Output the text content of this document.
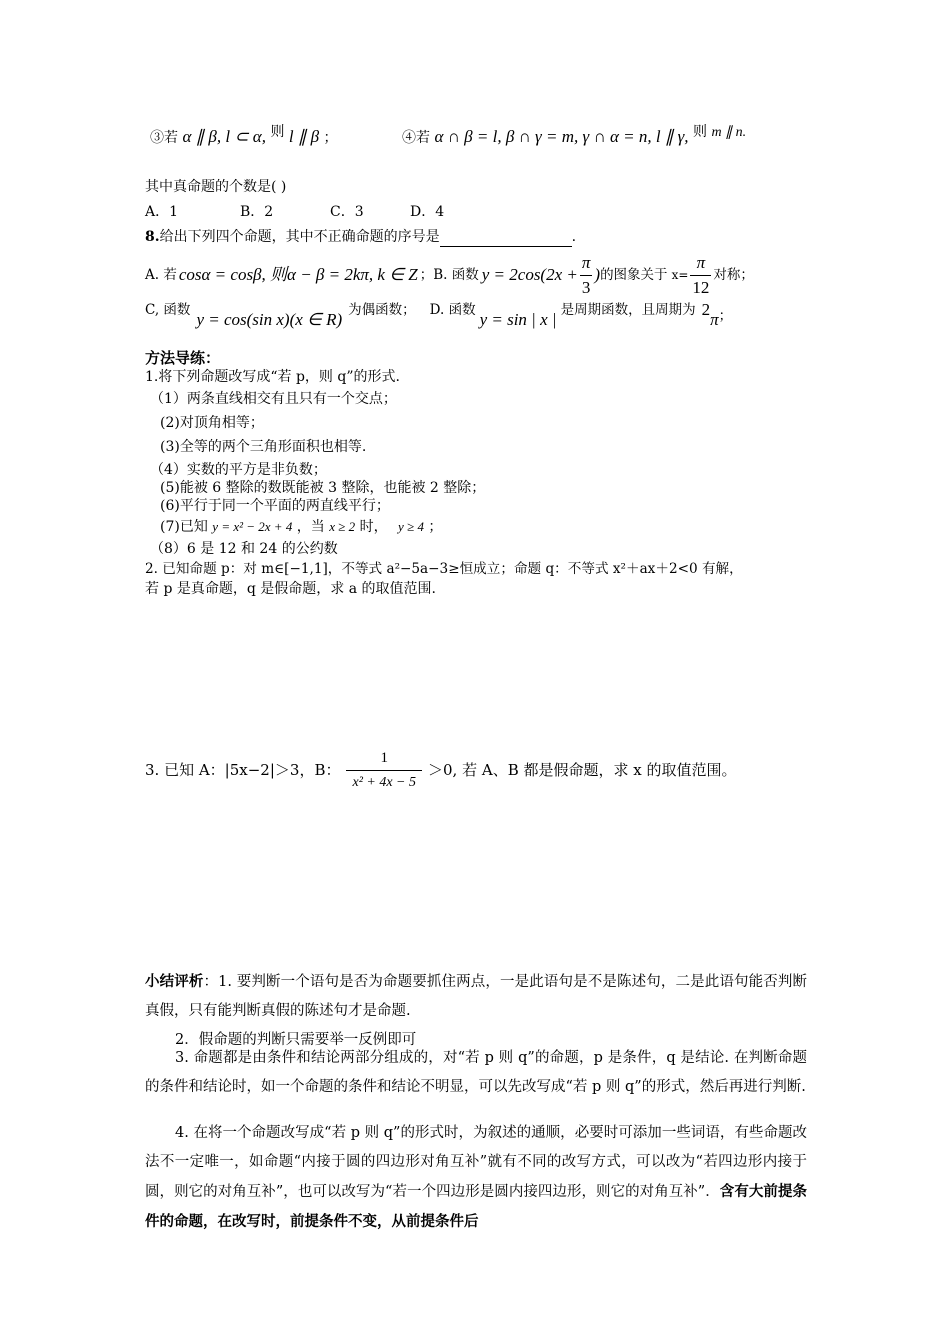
③若 α ∥ β, l ⊂ α, 则 l ∥ β ；	④若 α ∩ β = l, β ∩ γ = m, γ ∩ α = n, l ∥ γ, 则 m ∥ n.
其中真命题的个数是( )
A．1	B．2	C．3	D．4
8.给出下列四个命题，其中不正确命题的序号是	.
A. 若 cosα = cosβ, 则α − β = 2kπ, k ∈ Z ； B. 函数 $y = 2\cos(2x + \frac{\pi}{3}$ ) 的图象关于 $x= \frac{\pi}{12}$ 对称；
C, 函数 y = cos(sin x)(x ∈ R) 为偶函数； D. 函数 y = sin | x | 是周期函数，且周期为 2
π ；
方法导练：
1.将下列命题改写成“若 p，则 q”的形式.
（1）两条直线相交有且只有一个交点；
(2)对顶角相等；
(3)全等的两个三角形面积也相等.
（4）实数的平方是非负数；
(5)能被 6 整除的数既能被 3 整除，也能被 2 整除；
(6)平行于同一个平面的两直线平行；
(7)已知 y = x² − 2x + 4 ，当 x ≥ 2 时， y ≥ 4 ；
（8）6 是 12 和 24 的公约数
2. 已知命题 p：对 m∈[−1,1]，不等式 a²−5a−3≥恒成立；命题 q：不等式 x²＋ax＋2<0 有解，
若 p 是真命题，q 是假命题，求 a 的取值范围.
3. 已知 A：|5x−2|＞3，B： $\frac{1}{\text{x² + 4x − 5}} >0$, 若 A、B 都是假命题，求 x 的取值范围。
小结评析：1. 要判断一个语句是否为命题要抓住两点，一是此语句是不是陈述句，二是此语句能否判断真假，只有能判断真假的陈述句才是命题.
2．假命题的判断只需要举一反例即可
3. 命题都是由条件和结论两部分组成的，对“若 p 则 q”的命题，p 是条件，q 是结论. 在判断命题的条件和结论时，如一个命题的条件和结论不明显，可以先改写成“若 p 则 q”的形式，然后再进行判断.
4. 在将一个命题改写成“若 p 则 q”的形式时，为叙述的通顺，必要时可添加一些词语，有些命题改法不一定唯一，如命题“内接于圆的四边形对角互补”就有不同的改写方式，可以改为“若四边形内接于圆，则它的对角互补”，也可以改写为“若一个四边形是圆内接四边形，则它的对角互补”．含有大前提条件的命题，在改写时，前提条件不变，从前提条件后
